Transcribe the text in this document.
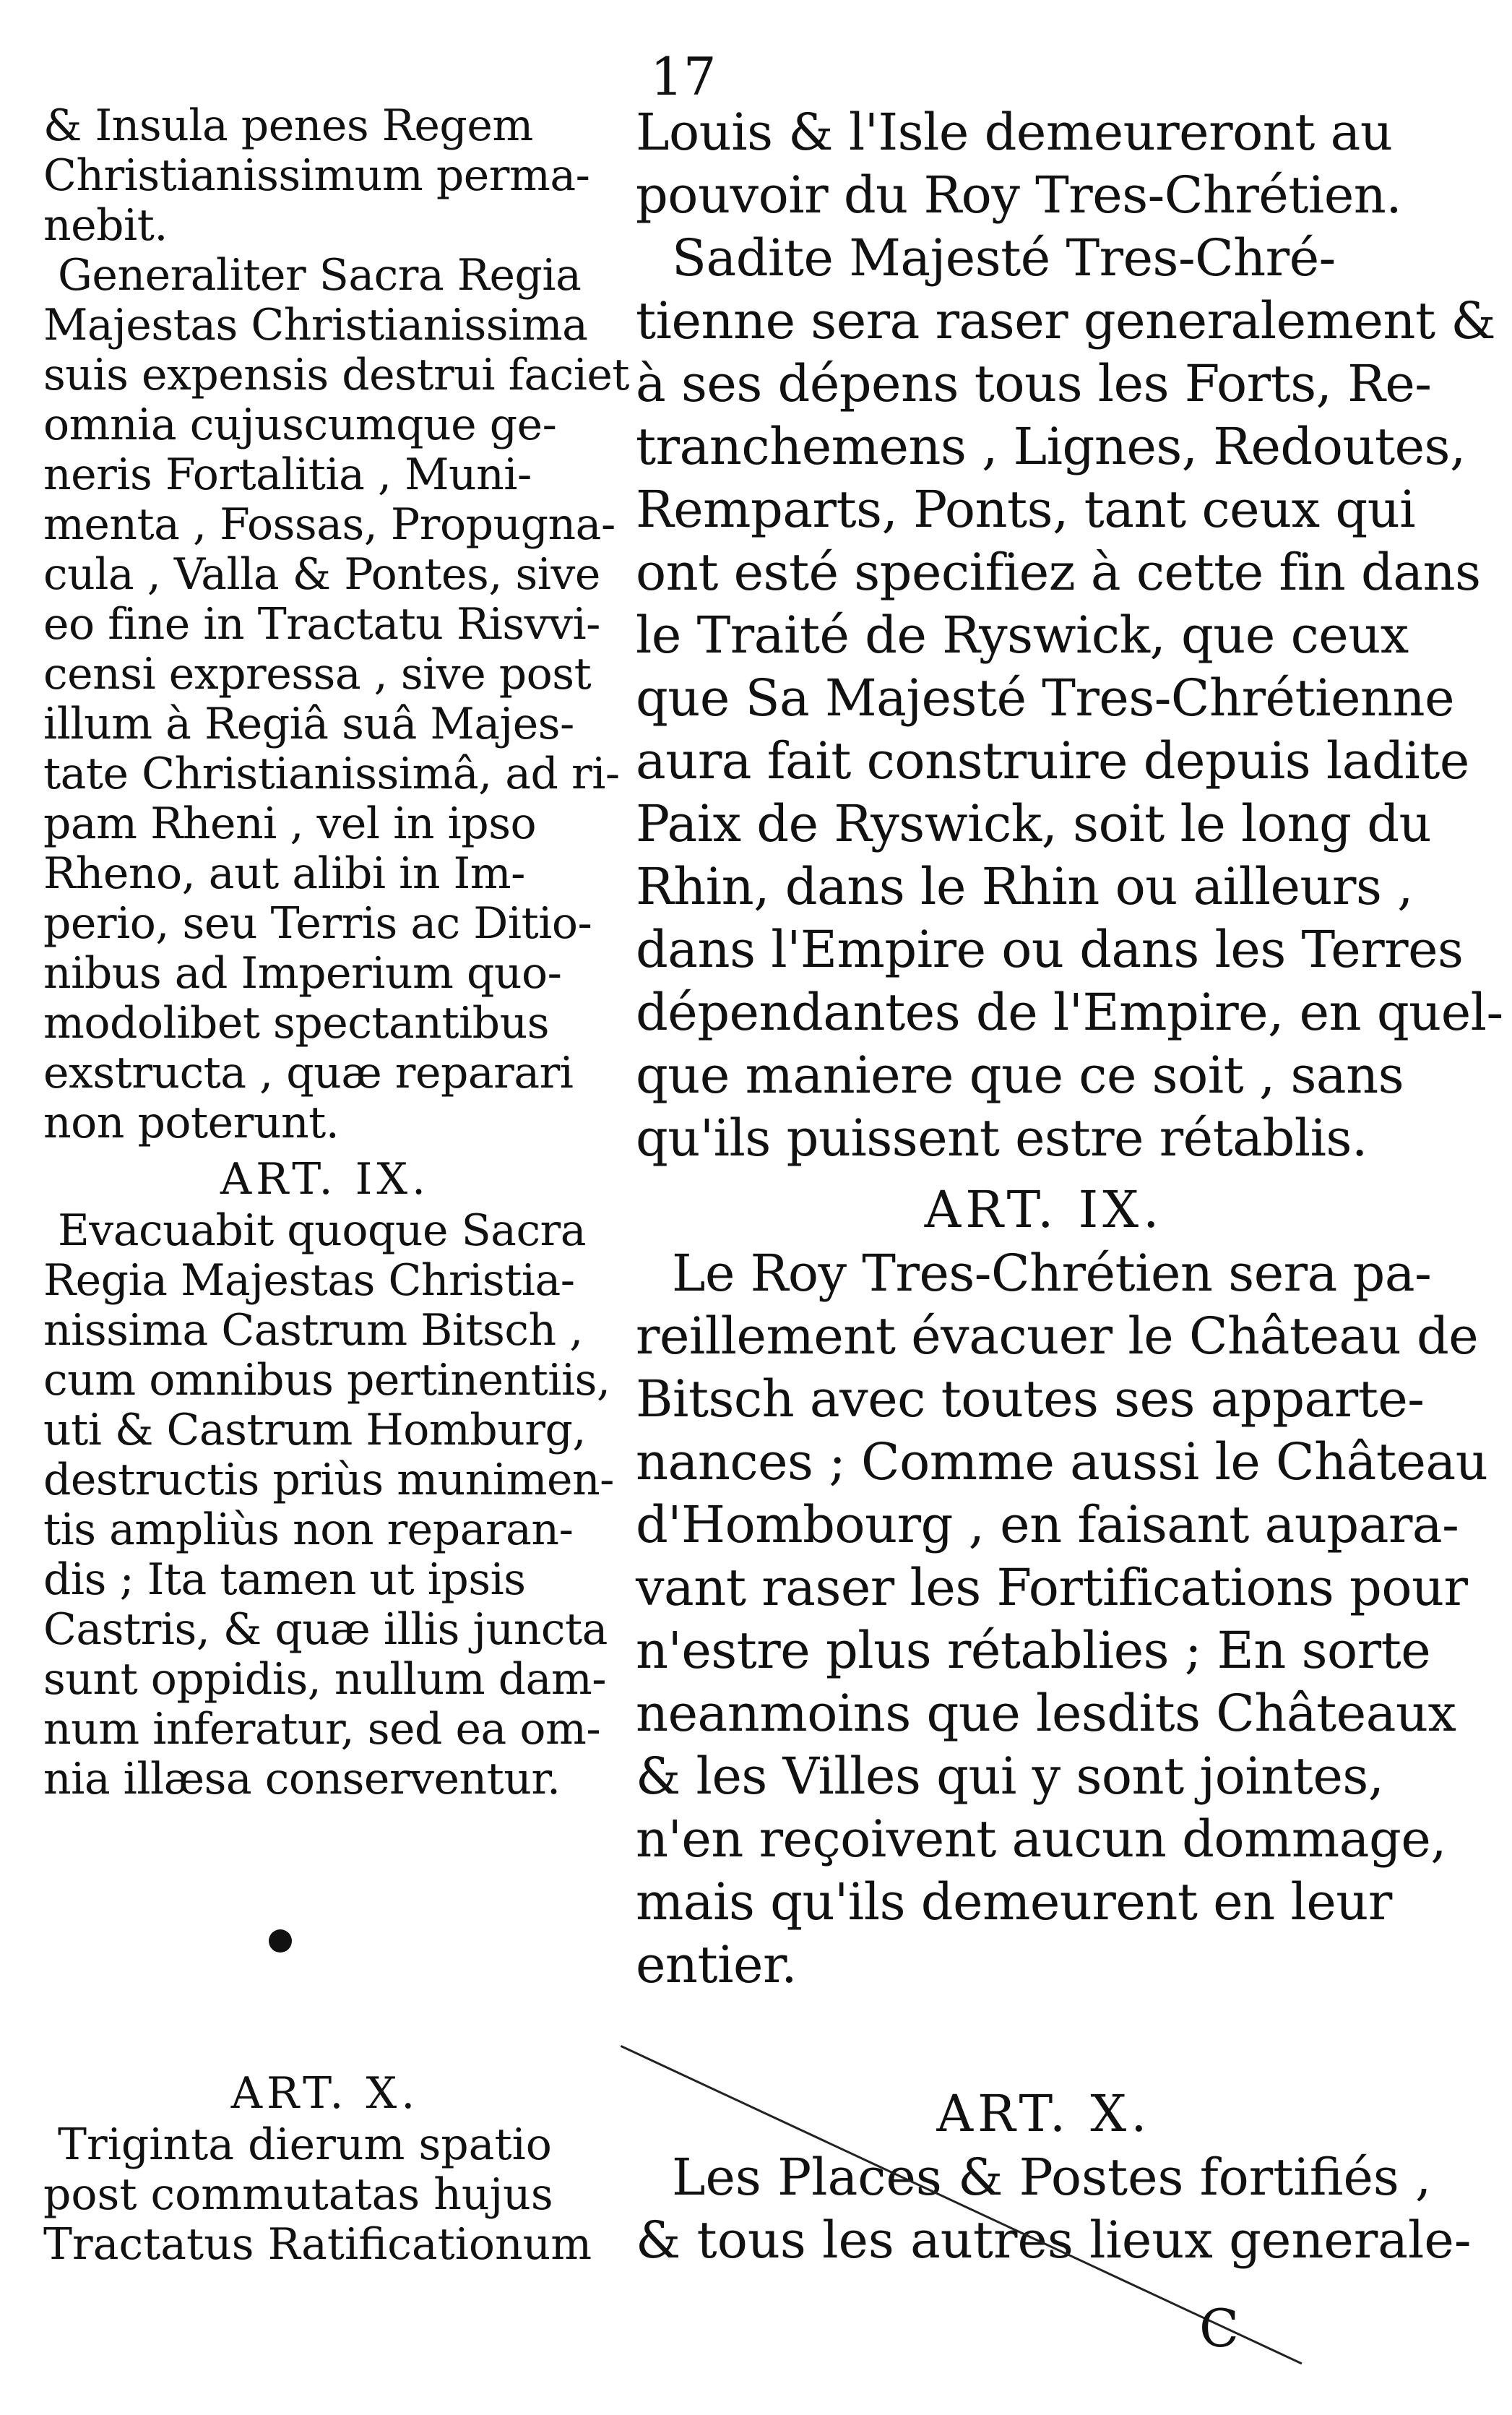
17
& Insula penes Regem
Christianissimum perma-
nebit.
Generaliter Sacra Regia
Majestas Christianissima
suis expensis destrui faciet
omnia cujuscumque ge-
neris Fortalitia , Muni-
menta , Fossas, Propugna-
cula , Valla & Pontes, sive
eo fine in Tractatu Risvvi-
censi expressa , sive post
illum à Regiâ suâ Majes-
tate Christianissimâ, ad ri-
pam Rheni , vel in ipso
Rheno, aut alibi in Im-
perio, seu Terris ac Ditio-
nibus ad Imperium quo-
modolibet spectantibus
exstructa , quæ reparari
non poterunt.
ART. IX.
Evacuabit quoque Sacra
Regia Majestas Christia-
nissima Castrum Bitsch ,
cum omnibus pertinentiis,
uti & Castrum Homburg,
destructis priùs munimen-
tis ampliùs non reparan-
dis ; Ita tamen ut ipsis
Castris, & quæ illis juncta
sunt oppidis, nullum dam-
num inferatur, sed ea om-
nia illæsa conserventur.
ART. X.
Triginta dierum spatio
post commutatas hujus
Tractatus Ratificationum
Louis & l'Isle demeureront au
pouvoir du Roy Tres-Chrétien.
Sadite Majesté Tres-Chré-
tienne sera raser generalement &
à ses dépens tous les Forts, Re-
tranchemens , Lignes, Redoutes,
Remparts, Ponts, tant ceux qui
ont esté specifiez à cette fin dans
le Traité de Ryswick, que ceux
que Sa Majesté Tres-Chrétienne
aura fait construire depuis ladite
Paix de Ryswick, soit le long du
Rhin, dans le Rhin ou ailleurs ,
dans l'Empire ou dans les Terres
dépendantes de l'Empire, en quel-
que maniere que ce soit , sans
qu'ils puissent estre rétablis.
ART. IX.
Le Roy Tres-Chrétien sera pa-
reillement évacuer le Château de
Bitsch avec toutes ses apparte-
nances ; Comme aussi le Château
d'Hombourg , en faisant aupara-
vant raser les Fortifications pour
n'estre plus rétablies ; En sorte
neanmoins que lesdits Châteaux
& les Villes qui y sont jointes,
n'en reçoivent aucun dommage,
mais qu'ils demeurent en leur
entier.
ART. X.
Les Places & Postes fortifiés ,
& tous les autres lieux generale-
C
